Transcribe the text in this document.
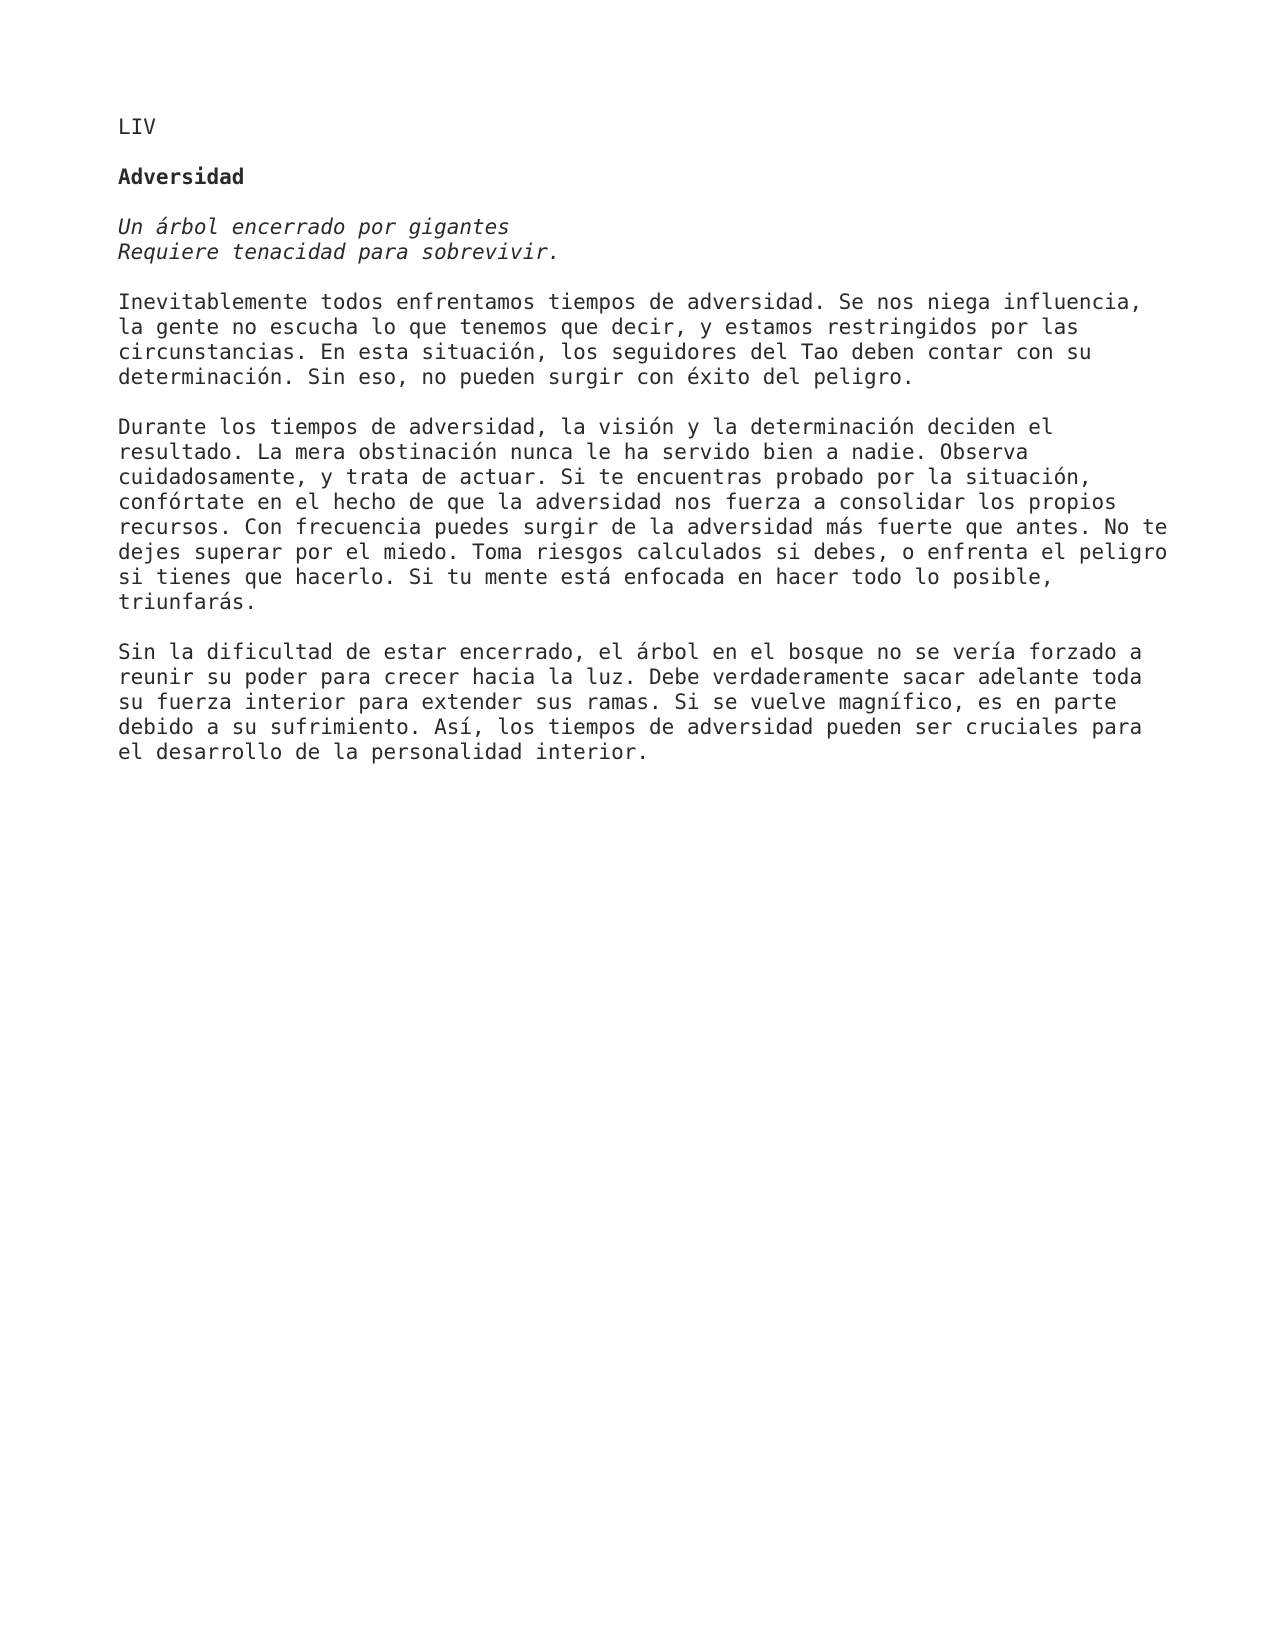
LIV

Adversidad

Un árbol encerrado por gigantes

Requiere tenacidad para sobrevivir.

Inevitablemente todos enfrentamos tiempos de adversidad. Se nos niega influencia,

la gente no escucha lo que tenemos que decir, y estamos restringidos por las

circunstancias. En esta situación, los seguidores del Tao deben contar con su

determinación. Sin eso, no pueden surgir con éxito del peligro.

Durante los tiempos de adversidad, la visión y la determinación deciden el

resultado. La mera obstinación nunca le ha servido bien a nadie. Observa

cuidadosamente, y trata de actuar. Si te encuentras probado por la situación,

confórtate en el hecho de que la adversidad nos fuerza a consolidar los propios

recursos. Con frecuencia puedes surgir de la adversidad más fuerte que antes. No te

dejes superar por el miedo. Toma riesgos calculados si debes, o enfrenta el peligro

si tienes que hacerlo. Si tu mente está enfocada en hacer todo lo posible,

triunfarás.

Sin la dificultad de estar encerrado, el árbol en el bosque no se vería forzado a

reunir su poder para crecer hacia la luz. Debe verdaderamente sacar adelante toda

su fuerza interior para extender sus ramas. Si se vuelve magnífico, es en parte

debido a su sufrimiento. Así, los tiempos de adversidad pueden ser cruciales para

el desarrollo de la personalidad interior.
